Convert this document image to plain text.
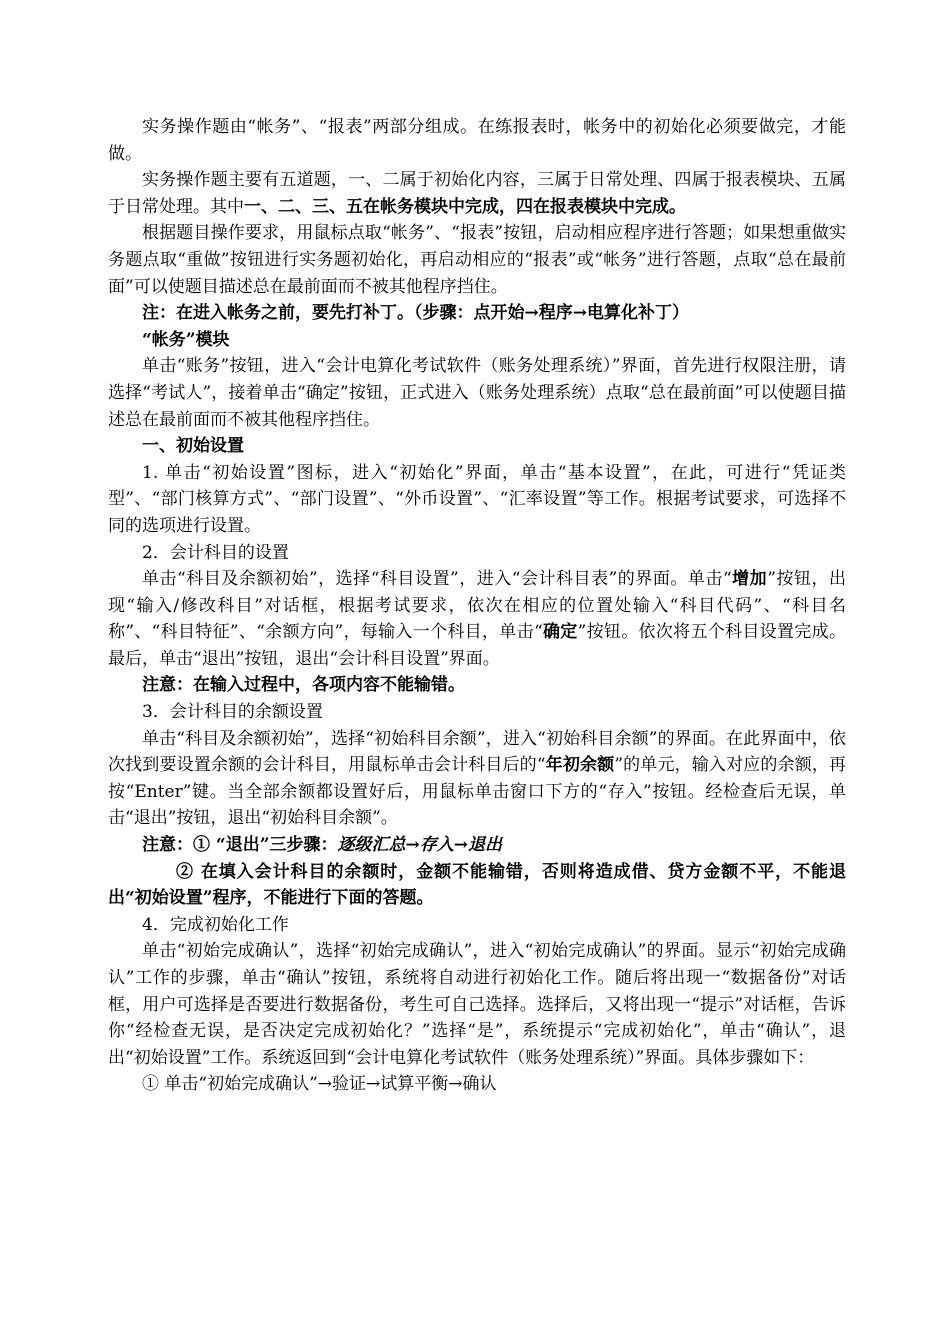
实务操作题由“帐务”、“报表”两部分组成。在练报表时，帐务中的初始化必须要做完，才能做。

实务操作题主要有五道题，一、二属于初始化内容，三属于日常处理、四属于报表模块、五属于日常处理。其中一、二、三、五在帐务模块中完成，四在报表模块中完成。

根据题目操作要求，用鼠标点取“帐务”、“报表”按钮，启动相应程序进行答题；如果想重做实务题点取“重做”按钮进行实务题初始化，再启动相应的“报表”或“帐务”进行答题，点取“总在最前面”可以使题目描述总在最前面而不被其他程序挡住。

注：在进入帐务之前，要先打补丁。（步骤：点开始→程序→电算化补丁）

“帐务”模块

单击“账务”按钮，进入“会计电算化考试软件（账务处理系统）”界面，首先进行权限注册，请选择“考试人”，接着单击“确定”按钮，正式进入（账务处理系统）点取“总在最前面”可以使题目描述总在最前面而不被其他程序挡住。

一、初始设置

1. 单击“初始设置”图标，进入“初始化”界面，单击“基本设置”，在此，可进行“凭证类型”、“部门核算方式”、“部门设置”、“外币设置”、“汇率设置”等工作。根据考试要求，可选择不同的选项进行设置。

2．会计科目的设置

单击“科目及余额初始”，选择“科目设置”，进入“会计科目表”的界面。单击“增加”按钮，出现“输入/修改科目”对话框，根据考试要求，依次在相应的位置处输入“科目代码”、“科目名称”、“科目特征”、“余额方向”，每输入一个科目，单击“确定”按钮。依次将五个科目设置完成。最后，单击“退出”按钮，退出“会计科目设置”界面。

注意：在输入过程中，各项内容不能输错。

3．会计科目的余额设置

单击“科目及余额初始”，选择“初始科目余额”，进入“初始科目余额”的界面。在此界面中，依次找到要设置余额的会计科目，用鼠标单击会计科目后的“年初余额”的单元，输入对应的余额，再按“Enter”键。当全部余额都设置好后，用鼠标单击窗口下方的“存入”按钮。经检查后无误，单击“退出”按钮，退出“初始科目余额”。

注意：① “退出”三步骤：逐级汇总→存入→退出

② 在填入会计科目的余额时，金额不能输错，否则将造成借、贷方金额不平，不能退出“初始设置”程序，不能进行下面的答题。

4．完成初始化工作

单击“初始完成确认”，选择“初始完成确认”，进入“初始完成确认”的界面。显示“初始完成确认”工作的步骤，单击“确认”按钮，系统将自动进行初始化工作。随后将出现一“数据备份”对话框，用户可选择是否要进行数据备份，考生可自己选择。选择后，又将出现一“提示”对话框，告诉你“经检查无误，是否决定完成初始化？”选择“是”，系统提示“完成初始化”，单击“确认”，退出“初始设置”工作。系统返回到“会计电算化考试软件（账务处理系统）”界面。具体步骤如下：

① 单击“初始完成确认”→验证→试算平衡→确认
